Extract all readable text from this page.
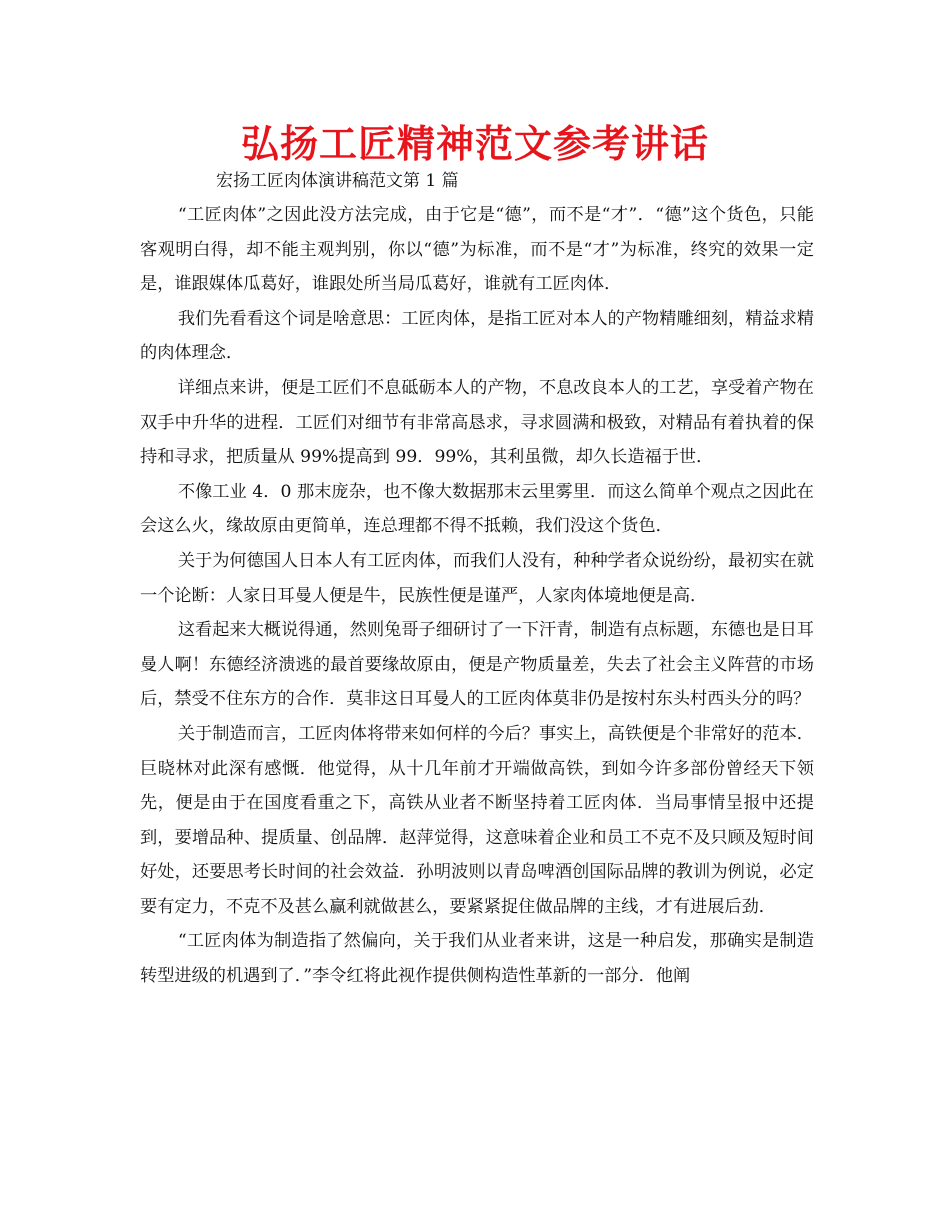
弘扬工匠精神范文参考讲话
宏扬工匠肉体演讲稿范文第 1 篇

“工匠肉体”之因此没方法完成，由于它是“德”，而不是“才”．“德”这个货色，只能客观明白得，却不能主观判别，你以“德”为标准，而不是“才”为标准，终究的效果一定是，谁跟媒体瓜葛好，谁跟处所当局瓜葛好，谁就有工匠肉体．

我们先看看这个词是啥意思：工匠肉体，是指工匠对本人的产物精雕细刻，精益求精的肉体理念．

详细点来讲，便是工匠们不息砥砺本人的产物，不息改良本人的工艺，享受着产物在双手中升华的进程．工匠们对细节有非常高恳求，寻求圆满和极致，对精品有着执着的保持和寻求，把质量从 99%提高到 99．99%，其利虽微，却久长造福于世．

不像工业 4．0 那末庞杂，也不像大数据那末云里雾里．而这么简单个观点之因此在会这么火，缘故原由更简单，连总理都不得不抵赖，我们没这个货色．

关于为何德国人日本人有工匠肉体，而我们人没有，种种学者众说纷纷，最初实在就一个论断：人家日耳曼人便是牛，民族性便是谨严，人家肉体境地便是高．

这看起来大概说得通，然则兔哥子细研讨了一下汗青，制造有点标题，东德也是日耳曼人啊！东德经济溃逃的最首要缘故原由，便是产物质量差，失去了社会主义阵营的市场后，禁受不住东方的合作．莫非这日耳曼人的工匠肉体莫非仍是按村东头村西头分的吗？

关于制造而言，工匠肉体将带来如何样的今后？事实上，高铁便是个非常好的范本．巨晓林对此深有感慨．他觉得，从十几年前才开端做高铁，到如今许多部份曾经天下领先，便是由于在国度看重之下，高铁从业者不断坚持着工匠肉体．当局事情呈报中还提到，要增品种、提质量、创品牌．赵萍觉得，这意味着企业和员工不克不及只顾及短时间好处，还要思考长时间的社会效益．孙明波则以青岛啤酒创国际品牌的教训为例说，必定要有定力，不克不及甚么赢利就做甚么，要紧紧捉住做品牌的主线，才有进展后劲．

“工匠肉体为制造指了然偏向，关于我们从业者来讲，这是一种启发，那确实是制造转型进级的机遇到了．”李令红将此视作提供侧构造性革新的一部分．他阐
